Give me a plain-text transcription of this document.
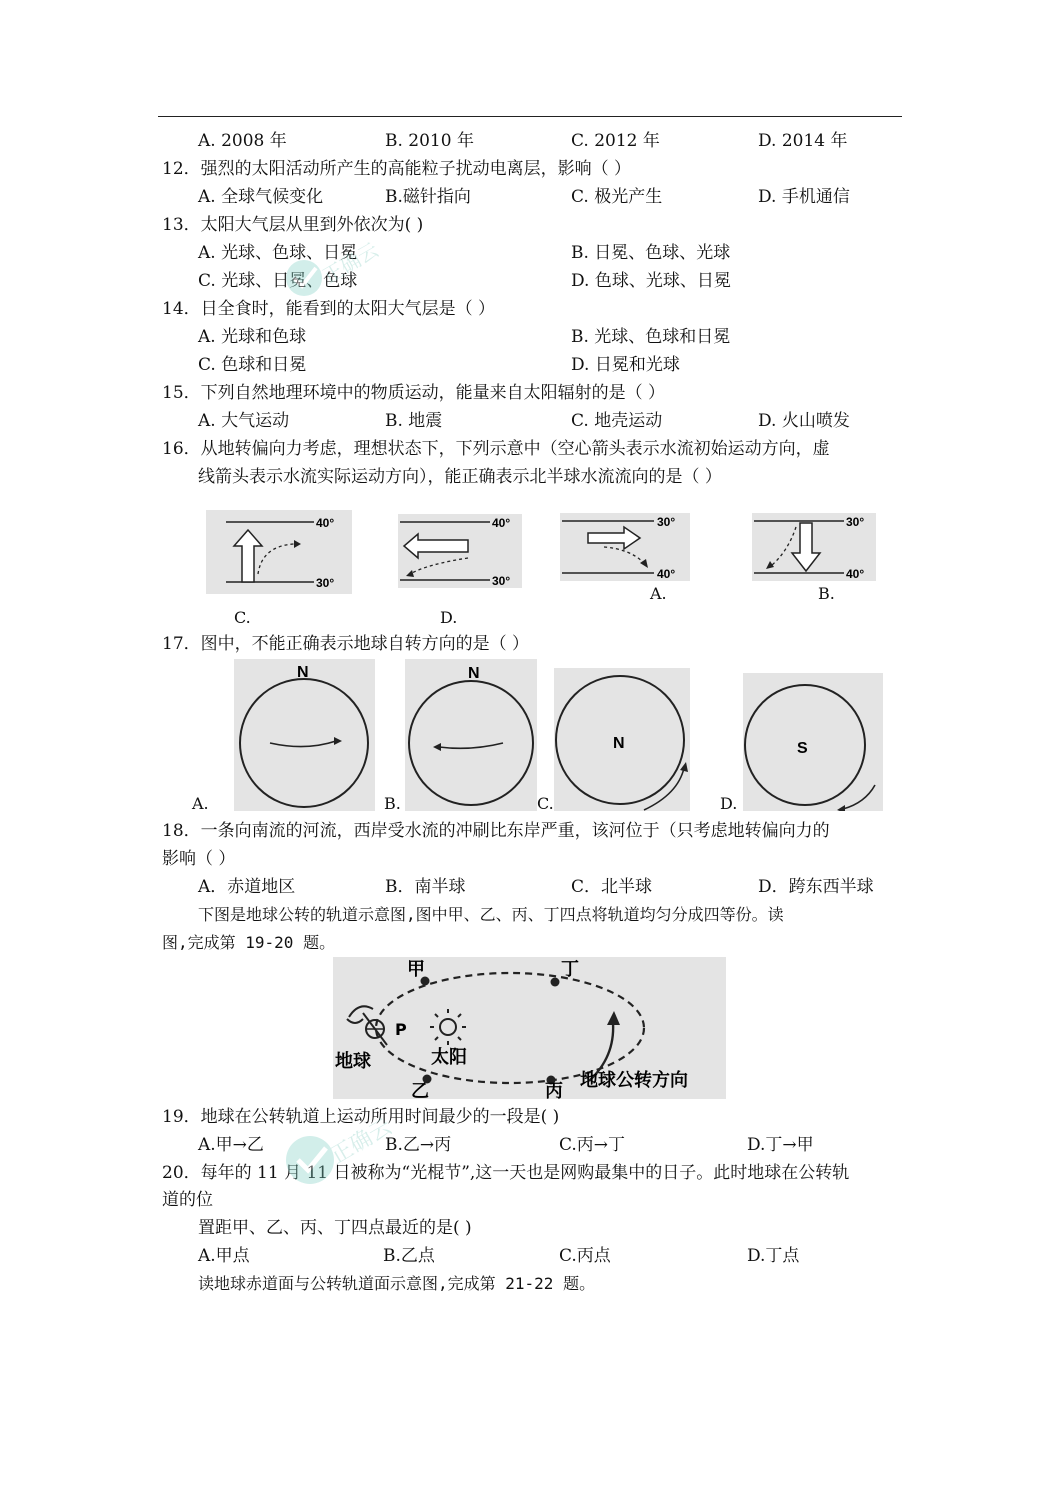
A. 2008 年	B. 2010 年	C. 2012 年	D. 2014 年
12．强烈的太阳活动所产生的高能粒子扰动电离层，影响（ ）
A. 全球气候变化	B.磁针指向	C. 极光产生	D. 手机通信
13．太阳大气层从里到外依次为( )
A. 光球、色球、日冕	B. 日冕、色球、光球
C. 光球、日冕、色球	D. 色球、光球、日冕
14．日全食时，能看到的太阳大气层是（ ）
A. 光球和色球	B. 光球、色球和日冕
C. 色球和日冕	D. 日冕和光球
15．下列自然地理环境中的物质运动，能量来自太阳辐射的是（ ）
A. 大气运动	B. 地震	C. 地壳运动	D. 火山喷发
16．从地转偏向力考虑，理想状态下，下列示意中（空心箭头表示水流初始运动方向，虚
线箭头表示水流实际运动方向），能正确表示北半球水流流向的是（ ）
40°
30°
40°
30°
30°
40°
30°
40°
C.	D.
A.	B.
17．图中，不能正确表示地球自转方向的是（ ）
N
A.
N
B.
N
C.
S
D.
18．一条向南流的河流，西岸受水流的冲刷比东岸严重，该河位于（只考虑地转偏向力的
影响（ ）
A．赤道地区	B．南半球	C．北半球	D．跨东西半球
下图是地球公转的轨道示意图,图中甲、乙、丙、丁四点将轨道均匀分成四等份。读
图,完成第 19-20 题。
甲	丁
乙	丙
P
地球	太阳
地球公转方向
19．地球在公转轨道上运动所用时间最少的一段是( )
A.甲→乙	B.乙→丙	C.丙→丁	D.丁→甲
20．每年的 11 月 11 日被称为“光棍节”,这一天也是网购最集中的日子。此时地球在公转轨
道的位
置距甲、乙、丙、丁四点最近的是( )
A.甲点	B.乙点	C.丙点	D.丁点
读地球赤道面与公转轨道面示意图,完成第 21-22 题。
正确云
正确云
